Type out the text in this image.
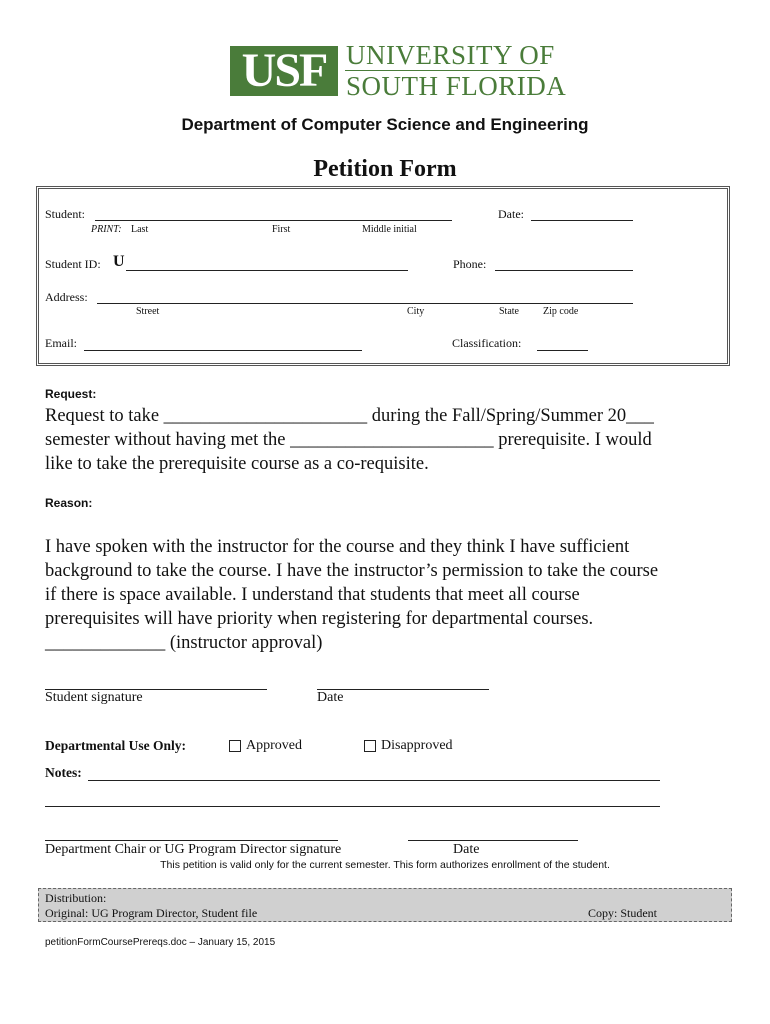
USF UNIVERSITY OF
SOUTH FLORIDA
Department of Computer Science and Engineering
Petition Form
Student:	Date:
PRINT: Last	First	Middle initial
Student ID: U	Phone:
Address:
Street	City	State Zip code
Email:	Classification:
Request:
Request to take ______________________ during the Fall/Spring/Summer 20___
semester without having met the ______________________ prerequisite. I would
like to take the prerequisite course as a co-requisite.
Reason:
I have spoken with the instructor for the course and they think I have sufficient
background to take the course. I have the instructor’s permission to take the course
if there is space available. I understand that students that meet all course
prerequisites will have priority when registering for departmental courses.
_____________ (instructor approval)
Student signature	Date
Departmental Use Only:	Approved	Disapproved
Notes:
Department Chair or UG Program Director signature	Date
This petition is valid only for the current semester. This form authorizes enrollment of the student.
Distribution:
Original: UG Program Director, Student file	Copy: Student
petitionFormCoursePrereqs.doc – January 15, 2015
